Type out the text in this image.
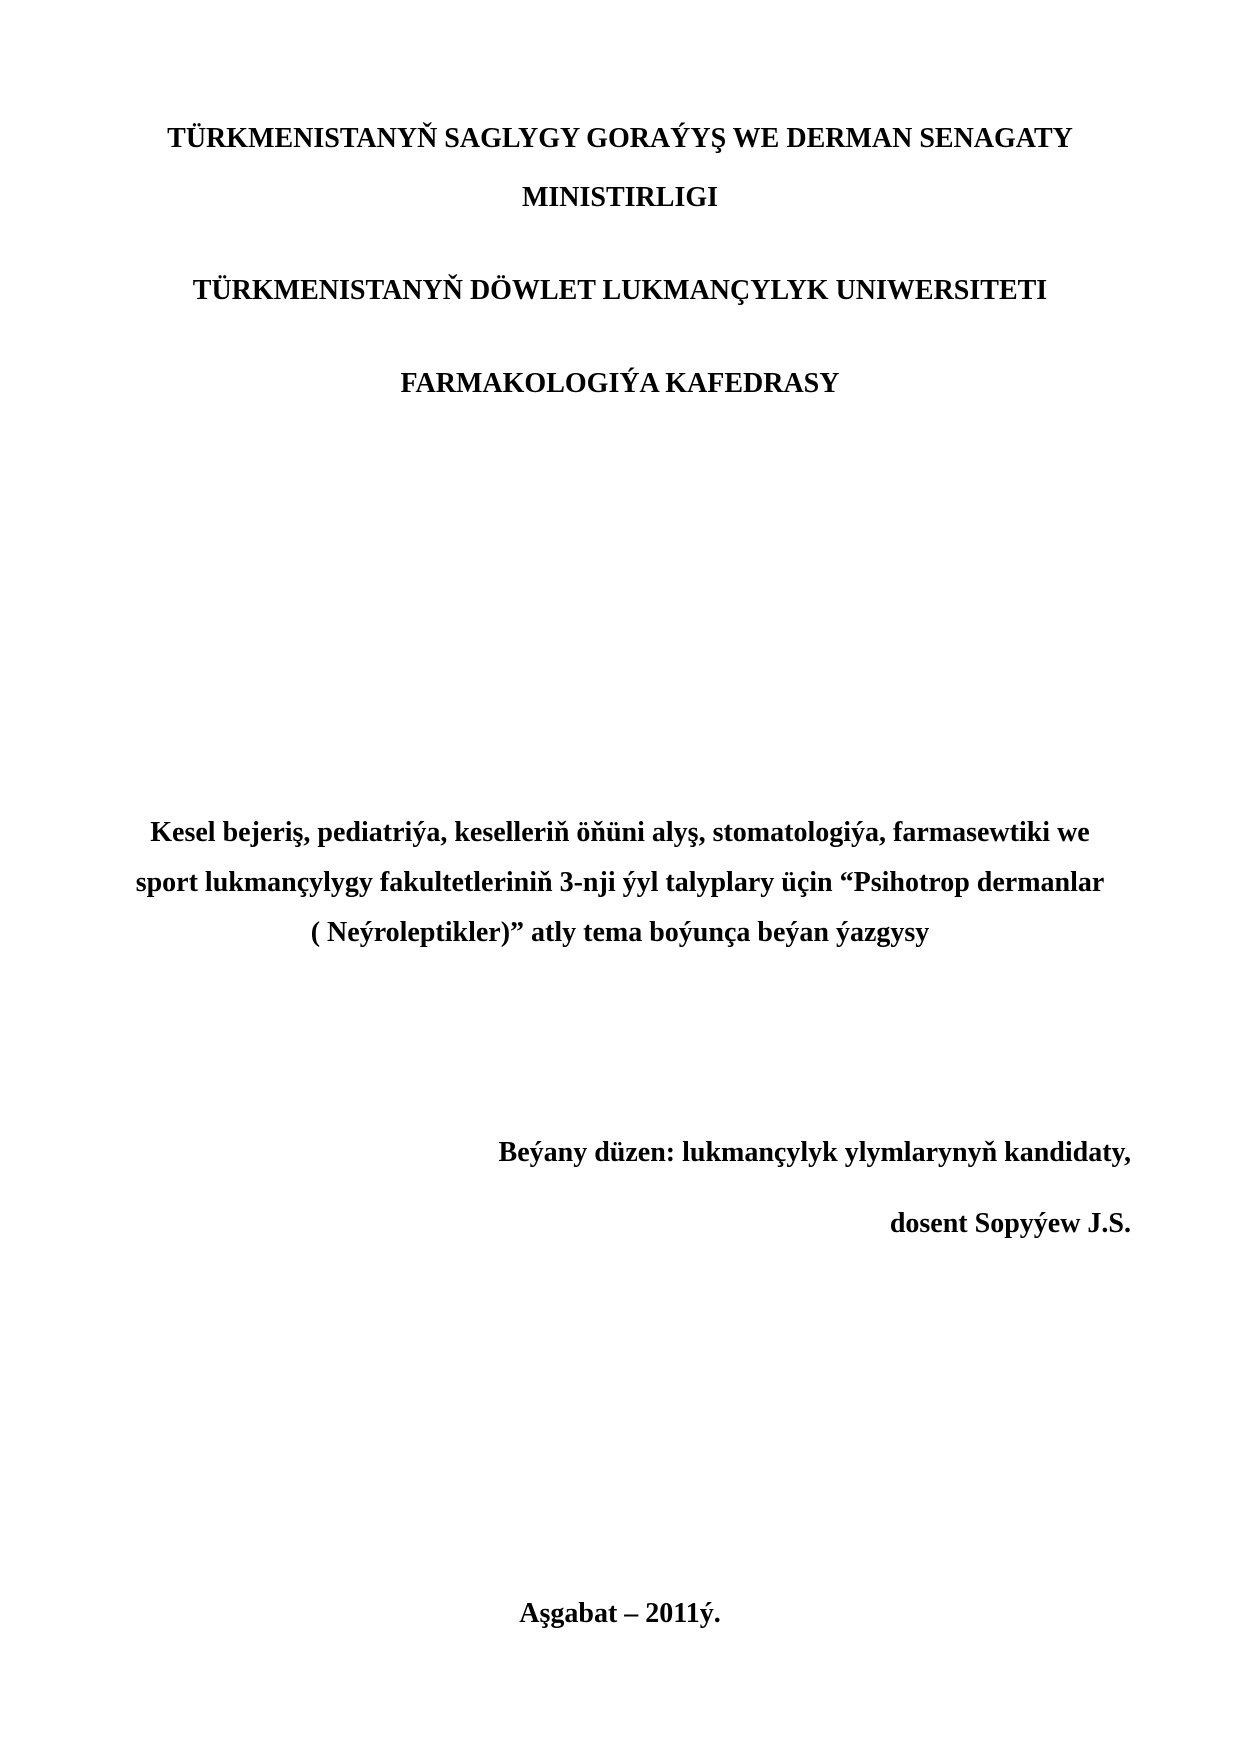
TÜRKMENISTANYŇ SAGLYGY GORAÝYŞ WE DERMAN SENAGATY
MINISTIRLIGI
TÜRKMENISTANYŇ DÖWLET LUKMANÇYLYK UNIWERSITETI
FARMAKOLOGIÝA KAFEDRASY
Kesel bejeriş, pediatriýa, keselleriň öňüni alyş, stomatologiýa, farmasewtiki we
sport lukmançylygy fakultetleriniň 3-nji ýyl talyplary üçin “Psihotrop dermanlar
( Neýroleptikler)” atly tema boýunça beýan ýazgysy
Beýany düzen: lukmançylyk ylymlarynyň kandidaty,
dosent Sopyýew J.S.
Aşgabat – 2011ý.
